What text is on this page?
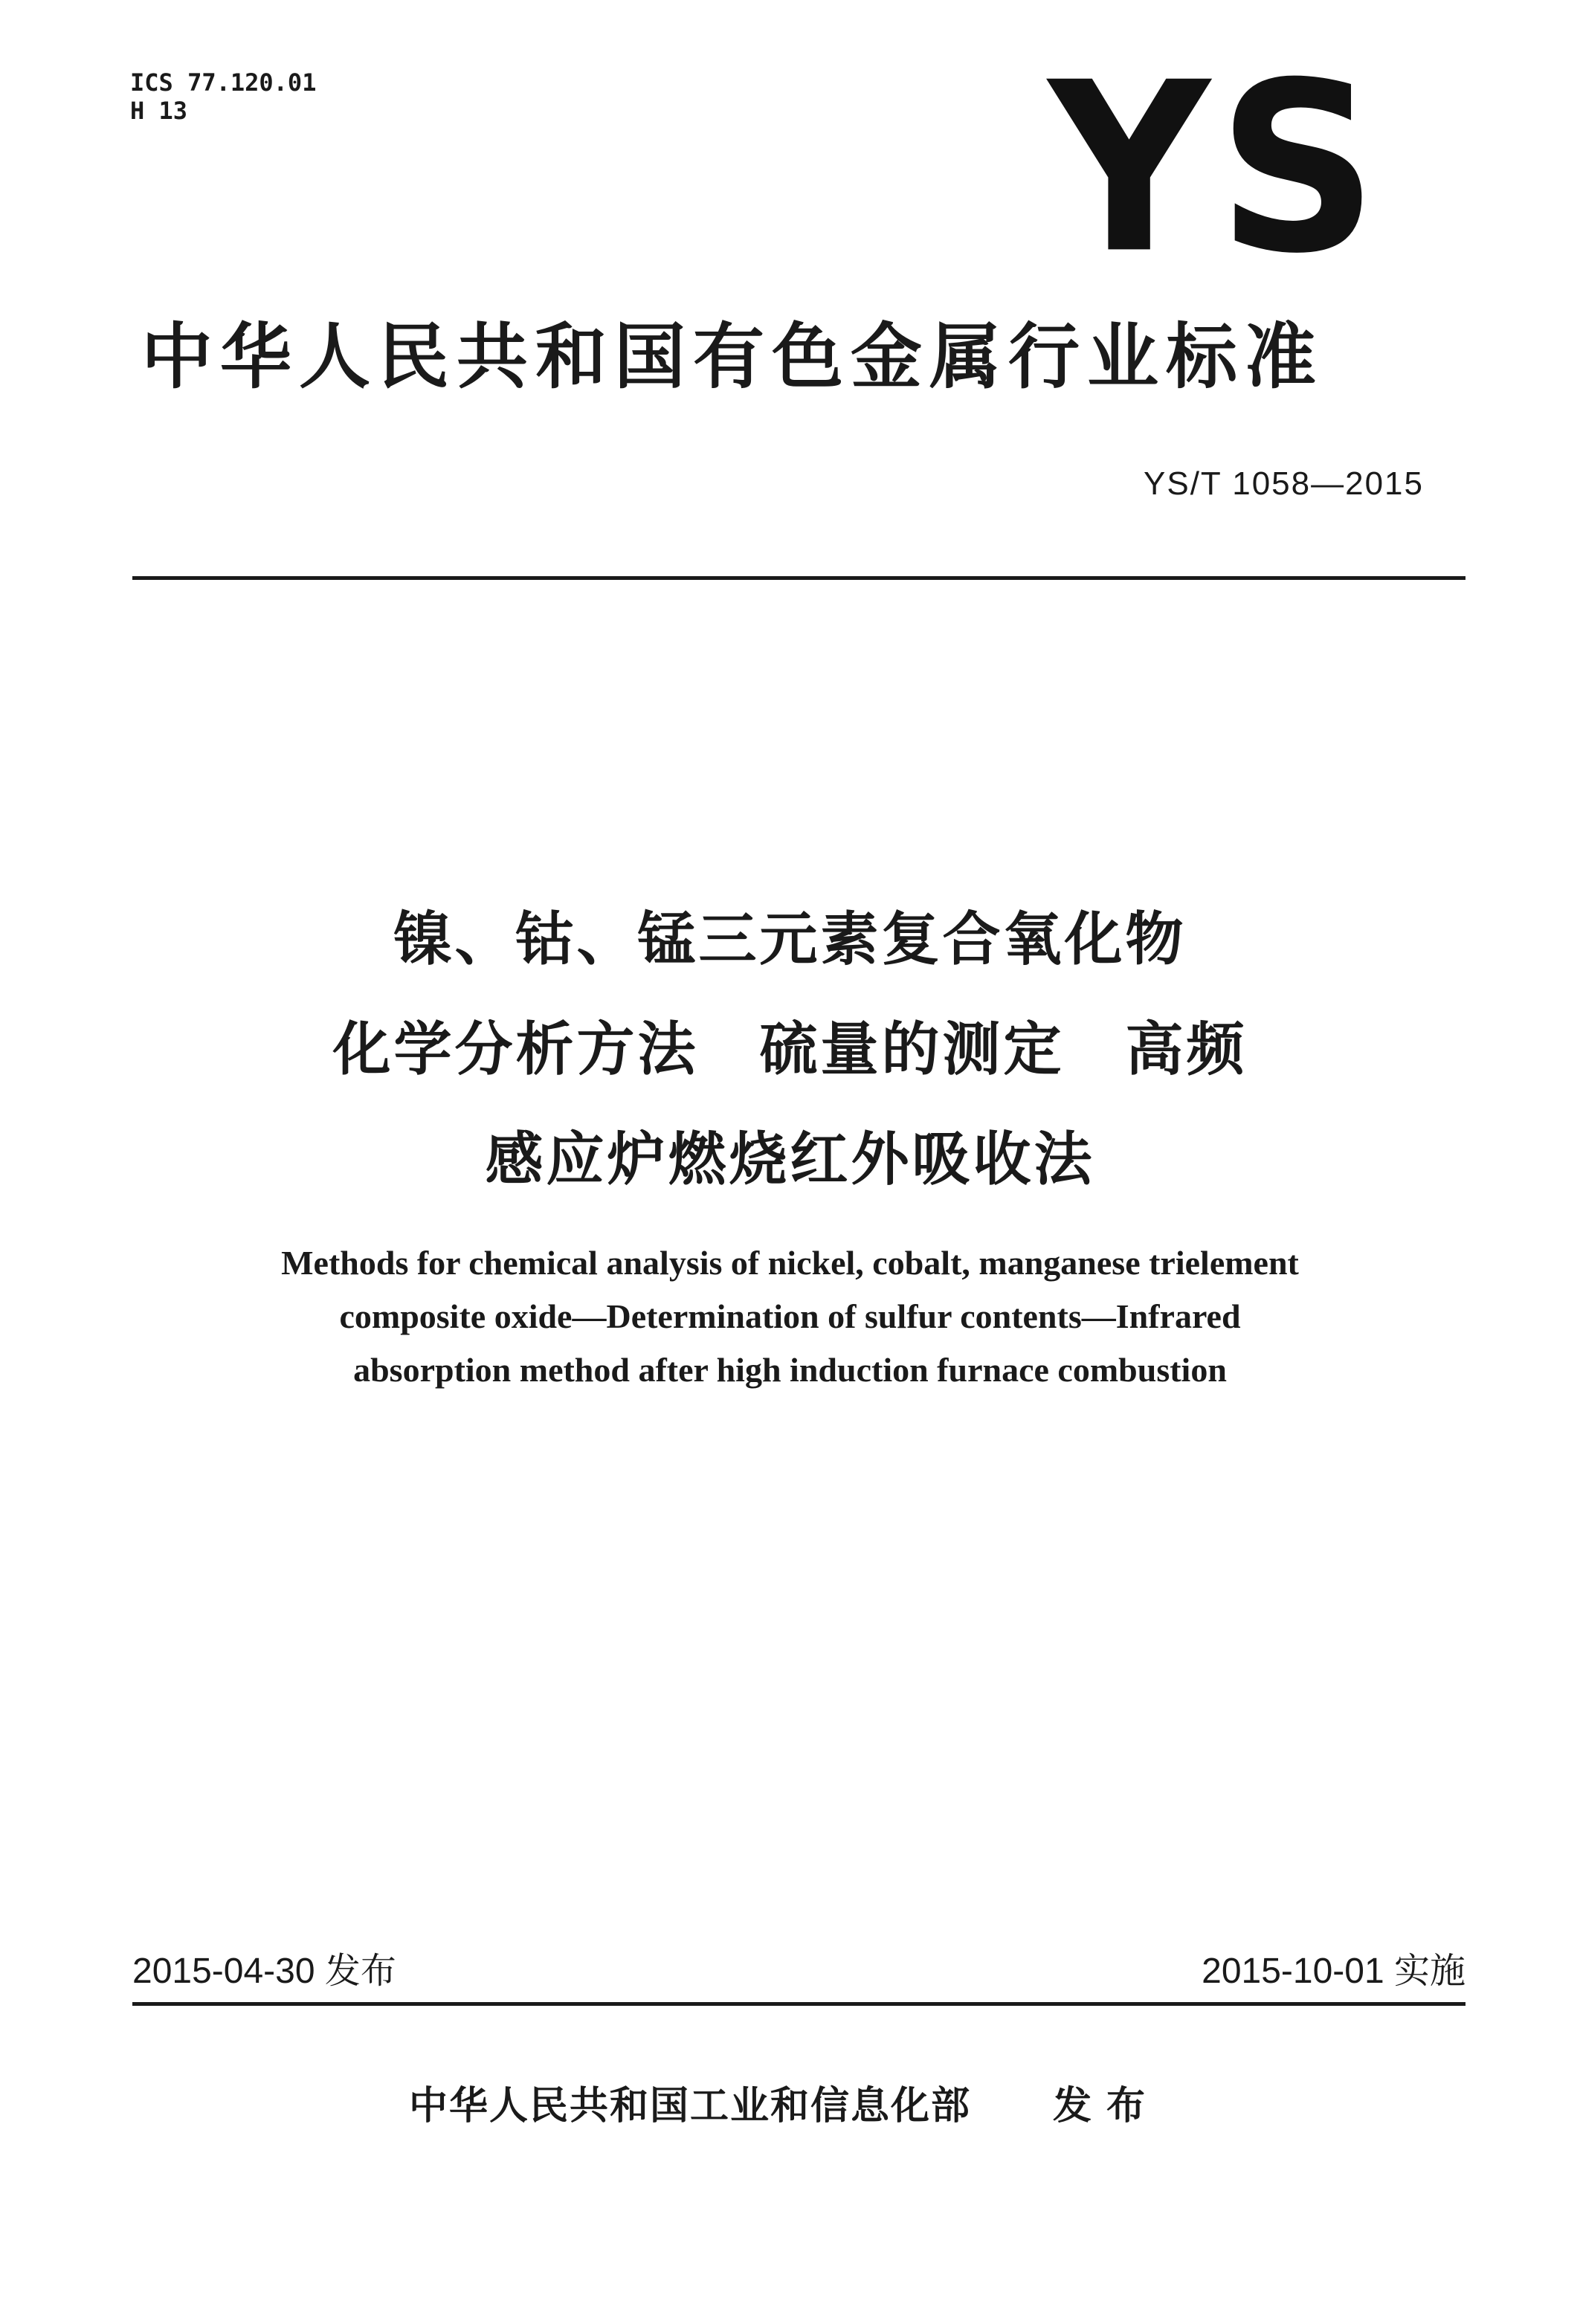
ICS 77.120.01
H 13	YS
中华人民共和国有色金属行业标准
YS/T 1058—2015
镍、钴、锰三元素复合氧化物
化学分析方法　硫量的测定　高频
感应炉燃烧红外吸收法
Methods for chemical analysis of nickel, cobalt, manganese trielement
composite oxide—Determination of sulfur contents—Infrared
absorption method after high induction furnace combustion
2015-04-30 发布	2015-10-01 实施
中华人民共和国工业和信息化部 发布
